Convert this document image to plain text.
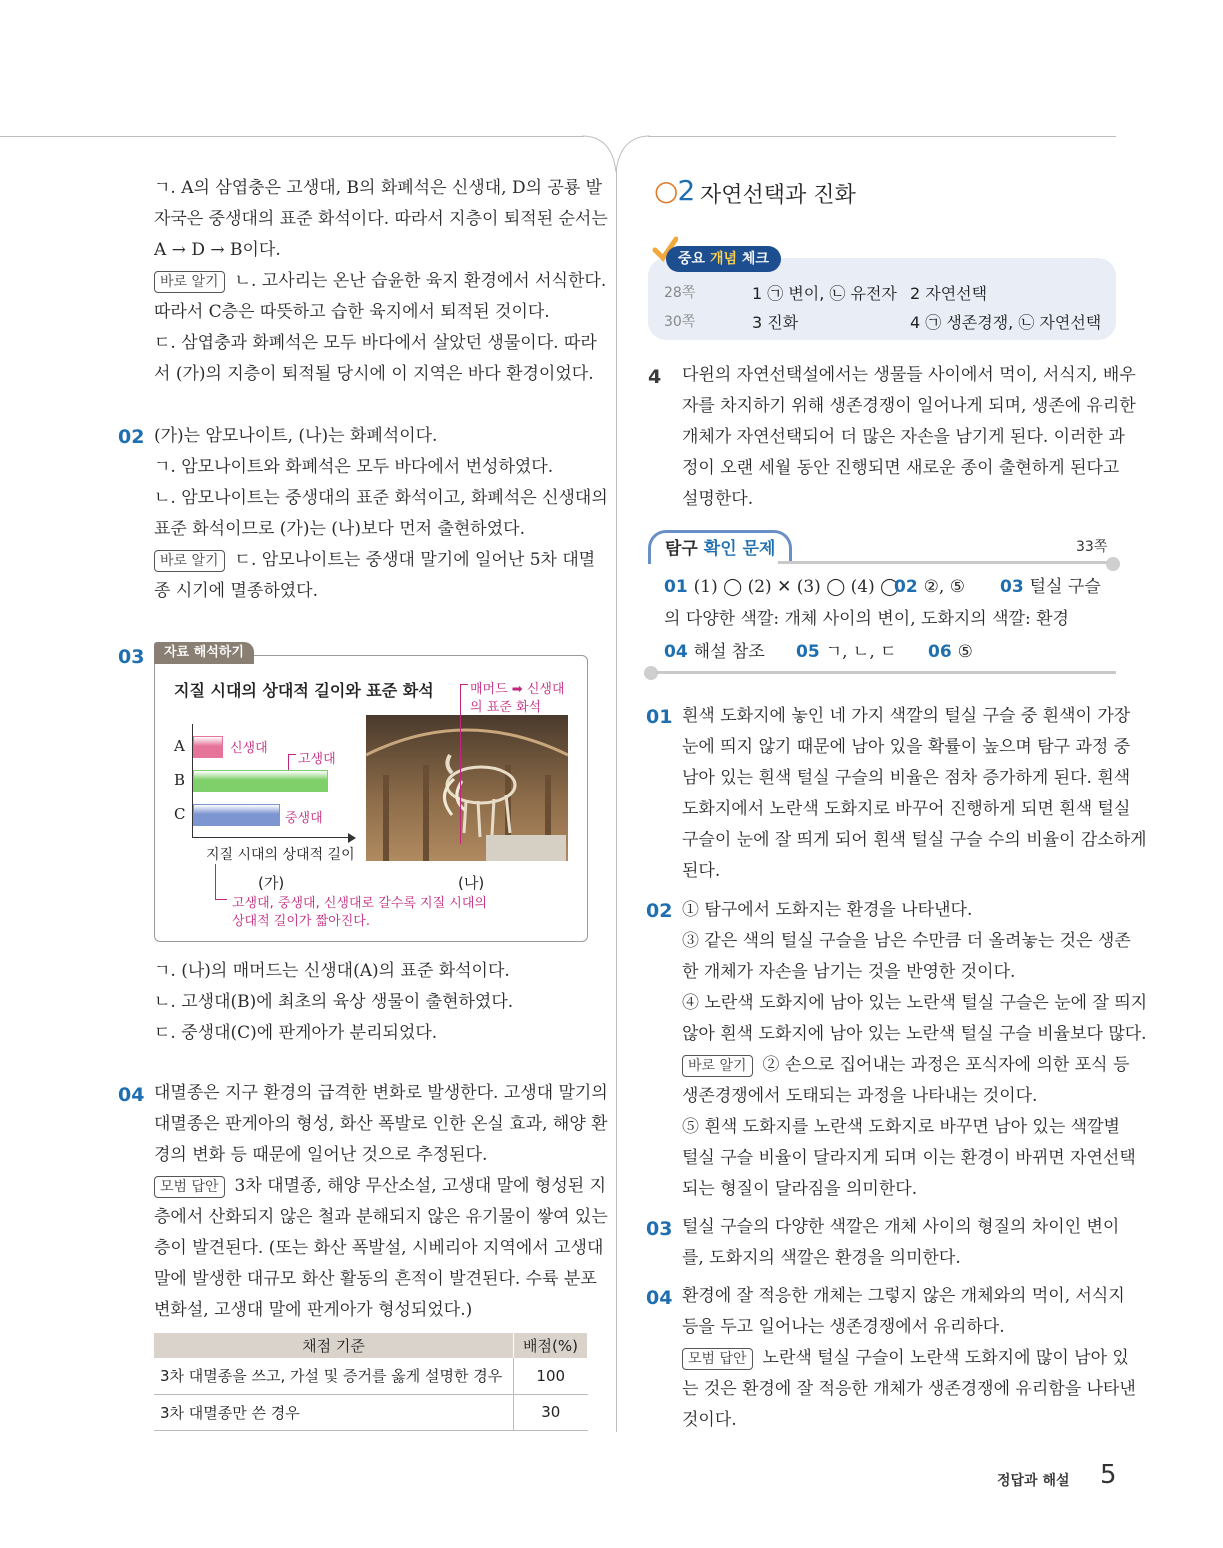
ㄱ. A의 삼엽충은 고생대, B의 화폐석은 신생대, D의 공룡 발
자국은 중생대의 표준 화석이다. 따라서 지층이 퇴적된 순서는
A → D → B이다.
바로 알기 ㄴ. 고사리는 온난 습윤한 육지 환경에서 서식한다.
따라서 C층은 따뜻하고 습한 육지에서 퇴적된 것이다.
ㄷ. 삼엽충과 화폐석은 모두 바다에서 살았던 생물이다. 따라
서 (가)의 지층이 퇴적될 당시에 이 지역은 바다 환경이었다.
02 (가)는 암모나이트, (나)는 화폐석이다.
ㄱ. 암모나이트와 화폐석은 모두 바다에서 번성하였다.
ㄴ. 암모나이트는 중생대의 표준 화석이고, 화폐석은 신생대의
표준 화석이므로 (가)는 (나)보다 먼저 출현하였다.
바로 알기 ㄷ. 암모나이트는 중생대 말기에 일어난 5차 대멸
종 시기에 멸종하였다.
03	자료 해석하기
지질 시대의 상대적 길이와 표준 화석
A	신생대
B
고생대
C	중생대
지질 시대의 상대적 길이
(가)	(나)
고생대, 중생대, 신생대로 갈수록 지질 시대의
상대적 길이가 짧아진다.
매머드 ➡ 신생대
의 표준 화석
ㄱ. (나)의 매머드는 신생대(A)의 표준 화석이다.
ㄴ. 고생대(B)에 최초의 육상 생물이 출현하였다.
ㄷ. 중생대(C)에 판게아가 분리되었다.
04 대멸종은 지구 환경의 급격한 변화로 발생한다. 고생대 말기의
대멸종은 판게아의 형성, 화산 폭발로 인한 온실 효과, 해양 환
경의 변화 등 때문에 일어난 것으로 추정된다.
모범 답안 3차 대멸종, 해양 무산소설, 고생대 말에 형성된 지
층에서 산화되지 않은 철과 분해되지 않은 유기물이 쌓여 있는
층이 발견된다. (또는 화산 폭발설, 시베리아 지역에서 고생대
말에 발생한 대규모 화산 활동의 흔적이 발견된다. 수륙 분포
변화설, 고생대 말에 판게아가 형성되었다.)
채점 기준	배점(%)
3차 대멸종을 쓰고, 가설 및 증거를 옳게 설명한 경우	100
3차 대멸종만 쓴 경우	30
○2 자연선택과 진화
중요 개념 체크
28쪽	1 ㉠ 변이, ㉡ 유전자 2 자연선택
30쪽	3 진화	4 ㉠ 생존경쟁, ㉡ 자연선택
4 다윈의 자연선택설에서는 생물들 사이에서 먹이, 서식지, 배우
자를 차지하기 위해 생존경쟁이 일어나게 되며, 생존에 유리한
개체가 자연선택되어 더 많은 자손을 남기게 된다. 이러한 과
정이 오랜 세월 동안 진행되면 새로운 종이 출현하게 된다고
설명한다.
탐구 확인 문제	33쪽
01 (1) ◯ (2) ✕ (3) ◯ (4) ◯
02 ②, ⑤ 03 털실 구슬
의 다양한 색깔: 개체 사이의 변이, 도화지의 색깔: 환경
04 해설 참조 05 ㄱ, ㄴ, ㄷ 06 ⑤
01 흰색 도화지에 놓인 네 가지 색깔의 털실 구슬 중 흰색이 가장
눈에 띄지 않기 때문에 남아 있을 확률이 높으며 탐구 과정 중
남아 있는 흰색 털실 구슬의 비율은 점차 증가하게 된다. 흰색
도화지에서 노란색 도화지로 바꾸어 진행하게 되면 흰색 털실
구슬이 눈에 잘 띄게 되어 흰색 털실 구슬 수의 비율이 감소하게
된다.
02 ① 탐구에서 도화지는 환경을 나타낸다.
③ 같은 색의 털실 구슬을 남은 수만큼 더 올려놓는 것은 생존
한 개체가 자손을 남기는 것을 반영한 것이다.
④ 노란색 도화지에 남아 있는 노란색 털실 구슬은 눈에 잘 띄지
않아 흰색 도화지에 남아 있는 노란색 털실 구슬 비율보다 많다.
바로 알기 ② 손으로 집어내는 과정은 포식자에 의한 포식 등
생존경쟁에서 도태되는 과정을 나타내는 것이다.
⑤ 흰색 도화지를 노란색 도화지로 바꾸면 남아 있는 색깔별
털실 구슬 비율이 달라지게 되며 이는 환경이 바뀌면 자연선택
되는 형질이 달라짐을 의미한다.
03 털실 구슬의 다양한 색깔은 개체 사이의 형질의 차이인 변이
를, 도화지의 색깔은 환경을 의미한다.
04 환경에 잘 적응한 개체는 그렇지 않은 개체와의 먹이, 서식지
등을 두고 일어나는 생존경쟁에서 유리하다.
모범 답안 노란색 털실 구슬이 노란색 도화지에 많이 남아 있
는 것은 환경에 잘 적응한 개체가 생존경쟁에 유리함을 나타낸
것이다.
정답과 해설 5
